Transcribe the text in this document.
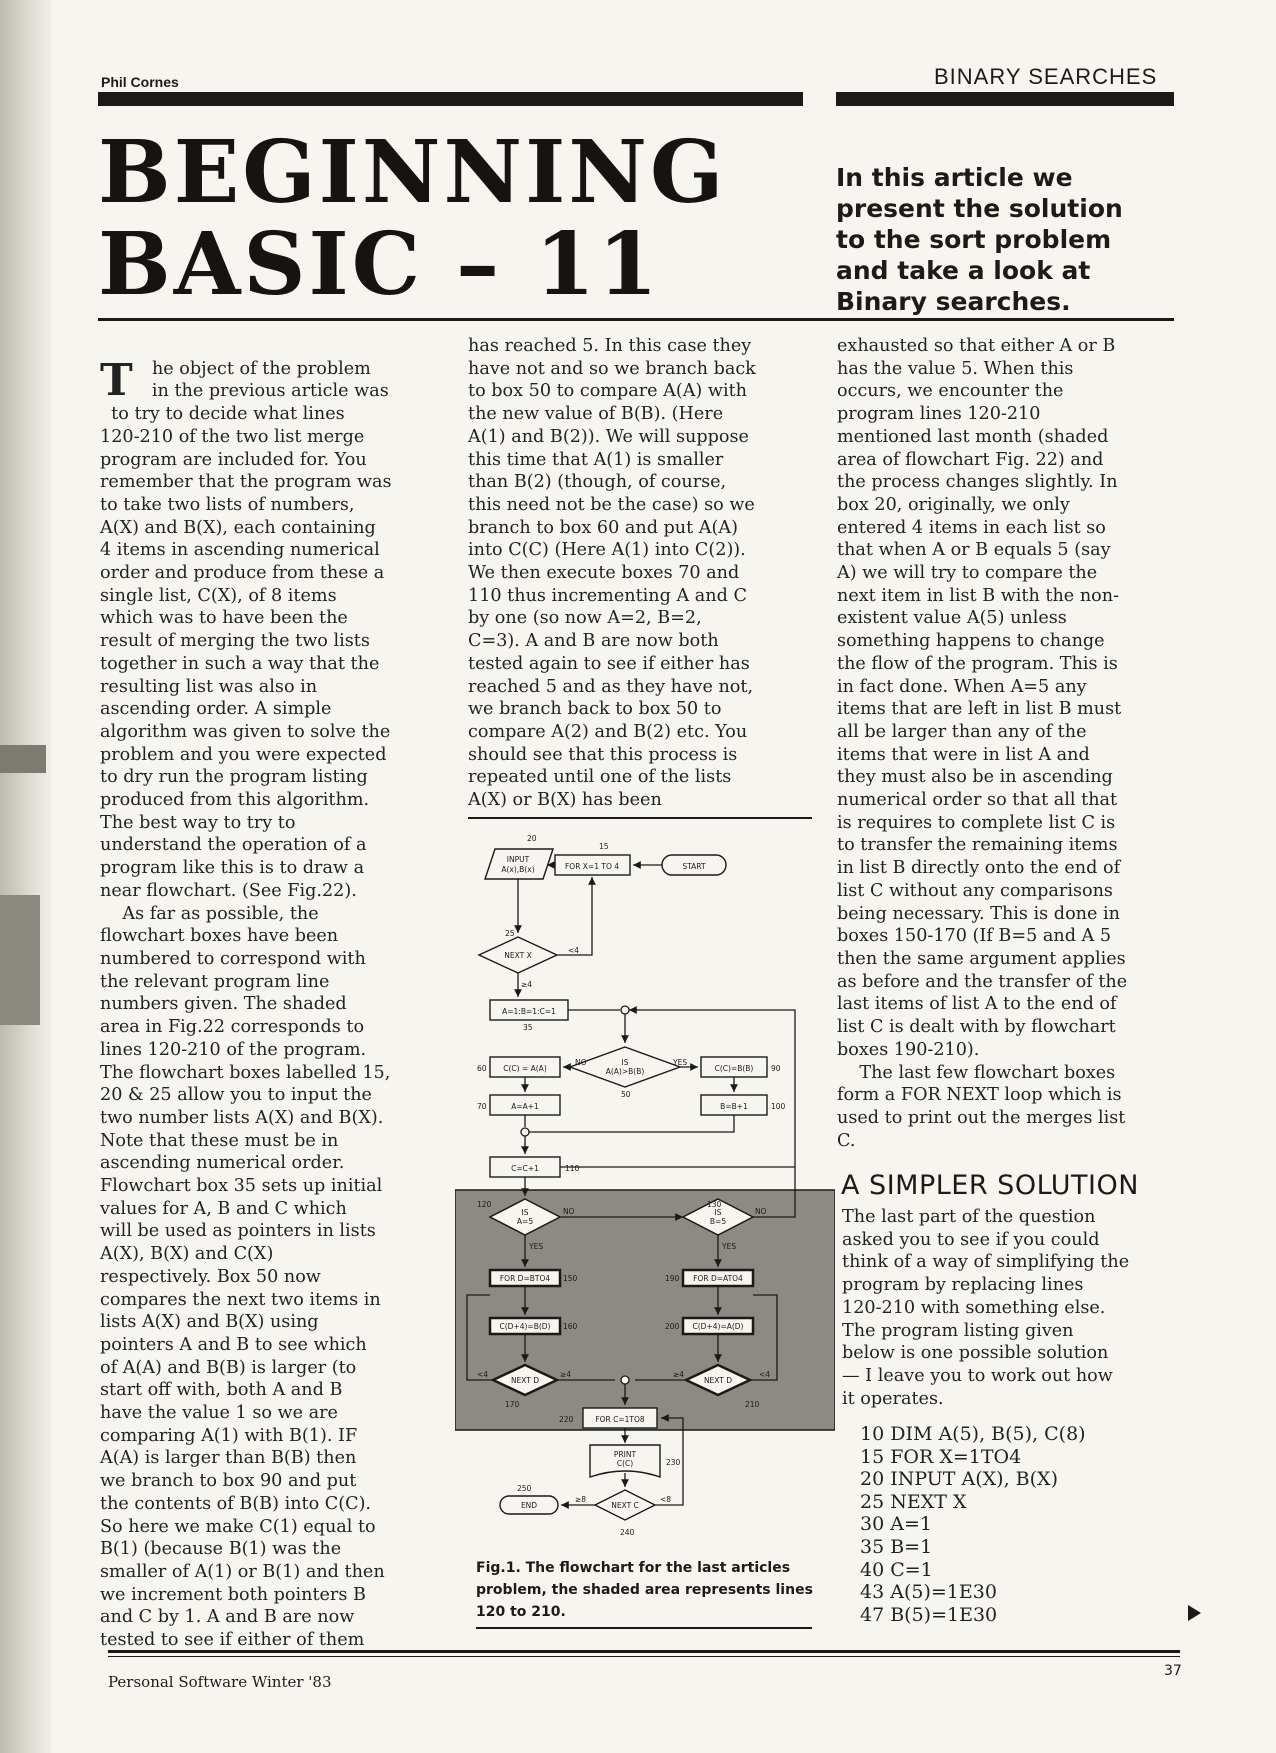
Phil Cornes	BINARY SEARCHES
BEGINNING
BASIC – 11
In this article we
present the solution
to the sort problem
and take a look at
Binary searches.

T he object of the problem
in the previous article was
to try to decide what lines
120-210 of the two list merge
program are included for. You
remember that the program was
to take two lists of numbers,
A(X) and B(X), each containing
4 items in ascending numerical
order and produce from these a
single list, C(X), of 8 items
which was to have been the
result of merging the two lists
together in such a way that the
resulting list was also in
ascending order. A simple
algorithm was given to solve the
problem and you were expected
to dry run the program listing
produced from this algorithm.
The best way to try to
understand the operation of a
program like this is to draw a
near flowchart. (See Fig.22).
As far as possible, the
flowchart boxes have been
numbered to correspond with
the relevant program line
numbers given. The shaded
area in Fig.22 corresponds to
lines 120-210 of the program.
The flowchart boxes labelled 15,
20 & 25 allow you to input the
two number lists A(X) and B(X).
Note that these must be in
ascending numerical order.
Flowchart box 35 sets up initial
values for A, B and C which
will be used as pointers in lists
A(X), B(X) and C(X)
respectively. Box 50 now
compares the next two items in
lists A(X) and B(X) using
pointers A and B to see which
of A(A) and B(B) is larger (to
start off with, both A and B
have the value 1 so we are
comparing A(1) with B(1). IF
A(A) is larger than B(B) then
we branch to box 90 and put
the contents of B(B) into C(C).
So here we make C(1) equal to
B(1) (because B(1) was the
smaller of A(1) or B(1) and then
we increment both pointers B
and C by 1. A and B are now
tested to see if either of them

has reached 5. In this case they
have not and so we branch back
to box 50 to compare A(A) with
the new value of B(B). (Here
A(1) and B(2)). We will suppose
this time that A(1) is smaller
than B(2) (though, of course,
this need not be the case) so we
branch to box 60 and put A(A)
into C(C) (Here A(1) into C(2)).
We then execute boxes 70 and
110 thus incrementing A and C
by one (so now A=2, B=2,
C=3). A and B are now both
tested again to see if either has
reached 5 and as they have not,
we branch back to box 50 to
compare A(2) and B(2) etc. You
should see that this process is
repeated until one of the lists
A(X) or B(X) has been
exhausted so that either A or B
has the value 5. When this
occurs, we encounter the
program lines 120-210
mentioned last month (shaded
area of flowchart Fig. 22) and
the process changes slightly. In
box 20, originally, we only
entered 4 items in each list so
that when A or B equals 5 (say
A) we will try to compare the
next item in list B with the non-
existent value A(5) unless
something happens to change
the flow of the program. This is
in fact done. When A=5 any
items that are left in list B must
all be larger than any of the
items that were in list A and
they must also be in ascending
numerical order so that all that
is requires to complete list C is
to transfer the remaining items
in list B directly onto the end of
list C without any comparisons
being necessary. This is done in
boxes 150-170 (If B=5 and A 5
then the same argument applies
as before and the transfer of the
last items of list A to the end of
list C is dealt with by flowchart
boxes 190-210).
The last few flowchart boxes
form a FOR NEXT loop which is
used to print out the merges list
C.
A SIMPLER SOLUTION
The last part of the question
asked you to see if you could
think of a way of simplifying the
program by replacing lines
120-210 with something else.
The program listing given
below is one possible solution
— I leave you to work out how
it operates.
10 DIM A(5), B(5), C(8)
15 FOR X=1TO4
20 INPUT A(X), B(X)
25 NEXT X
30 A=1
35 B=1
40 C=1
43 A(5)=1E30
47 B(5)=1E30
START
FOR X=1 TO 4
INPUT
A(x),B(x)
NEXT X
A=1:B=1:C=1
IS
A(A)>B(B)
C(C) = A(A)	C(C)=B(B)
A=A+1	B=B+1
C=C+1
IS
A=5
IS
B=5
FOR D=BTO4	FOR D=ATO4
C(D+4)=B(D)	C(D+4)=A(D)
NEXT D	NEXT D
FOR C=1TO8
PRINT
C(C)
NEXT C
END
NO	YES
NO	NO
YES	YES
<4
≥4
<4	≥4	≥4	<4
<8
≥8
15
20
25
35
50
60
70
90
100
110
120	130
150
160
170
190
200
210
220
230
240
250
Fig.1. The flowchart for the last articles problem, the shaded area represents lines 120 to 210.
Personal Software Winter '83
37
